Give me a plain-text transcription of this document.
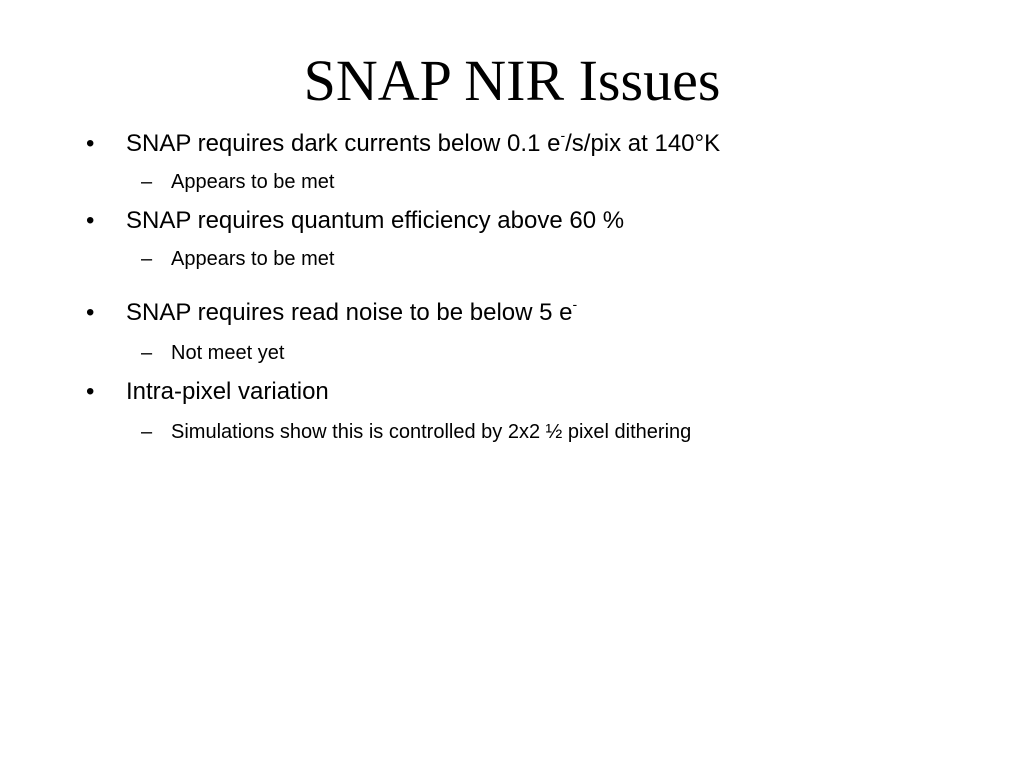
SNAP NIR Issues
• SNAP requires dark currents below 0.1 e-/s/pix at 140°K
– Appears to be met
• SNAP requires quantum efficiency above 60 %
– Appears to be met
• SNAP requires read noise to be below 5 e-
– Not meet yet
• Intra-pixel variation
– Simulations show this is controlled by 2x2 ½ pixel dithering
